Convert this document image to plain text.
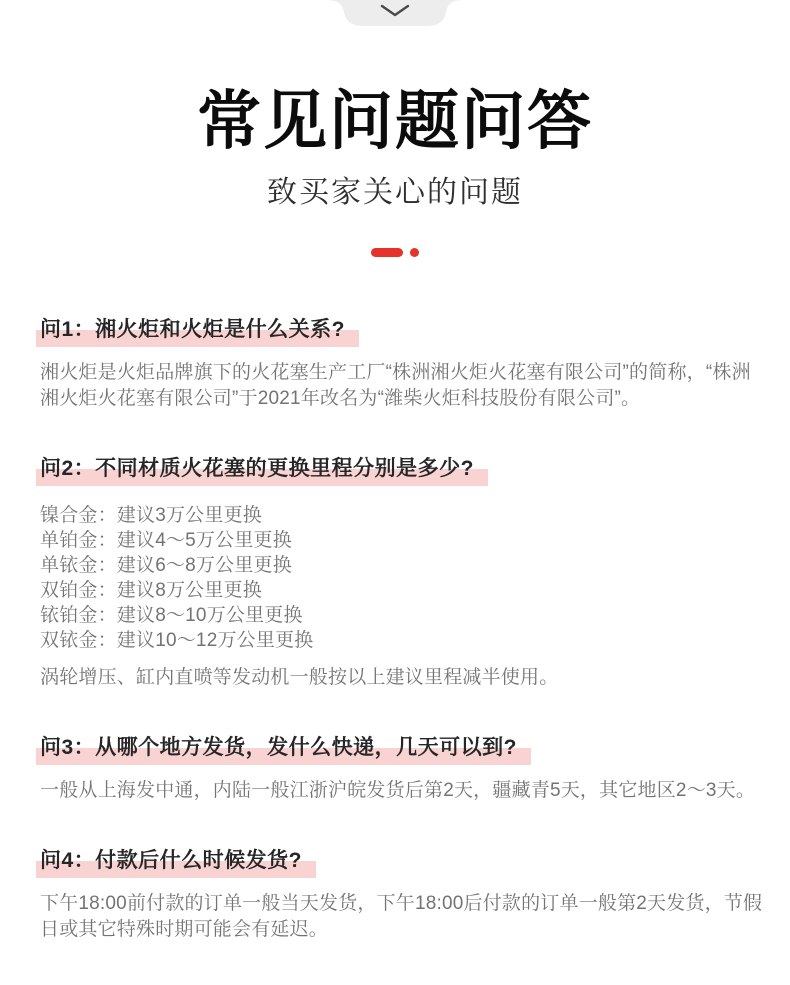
常见问题问答
致买家关心的问题
问1：湘火炬和火炬是什么关系?
湘火炬是火炬品牌旗下的火花塞生产工厂“株洲湘火炬火花塞有限公司”的简称，“株洲湘火炬火花塞有限公司”于2021年改名为“潍柴火炬科技股份有限公司”。
问2：不同材质火花塞的更换里程分别是多少?
镍合金：建议3万公里更换
单铂金：建议4～5万公里更换
单铱金：建议6～8万公里更换
双铂金：建议8万公里更换
铱铂金：建议8～10万公里更换
双铱金：建议10～12万公里更换
涡轮增压、缸内直喷等发动机一般按以上建议里程减半使用。
问3：从哪个地方发货，发什么快递，几天可以到?
一般从上海发中通，内陆一般江浙沪皖发货后第2天，疆藏青5天，其它地区2～3天。
问4：付款后什么时候发货?
下午18:00前付款的订单一般当天发货，下午18:00后付款的订单一般第2天发货，节假日或其它特殊时期可能会有延迟。
